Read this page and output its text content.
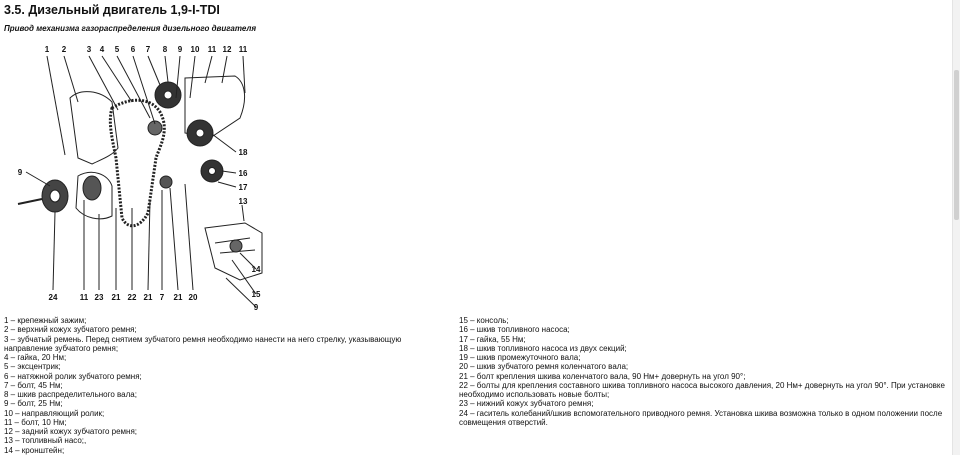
3.5. Дизельный двигатель 1,9-I-TDI

Привод механизма газораспределения дизельного двигателя

1 2	3 4 5 6 7 8 9 10 11 12 11
18
16
17
13
9
14
15
9
24	11 23 21 22 21 7 21 20
1 – крепежный зажим;
2 – верхний кожух зубчатого ремня;
3 – зубчатый ремень. Перед снятием зубчатого ремня необходимо нанести на него стрелку, указывающую направление зубчатого ремня;
4 – гайка, 20 Нм;
5 – эксцентрик;
6 – натяжной ролик зубчатого ремня;
7 – болт, 45 Нм;
8 – шкив распределительного вала;
9 – болт, 25 Нм;
10 – направляющий ролик;
11 – болт, 10 Нм;
12 – задний кожух зубчатого ремня;
13 – топливный насо;,
14 – кронштейн;
15 – консоль;
16 – шкив топливного насоса;
17 – гайка, 55 Нм;
18 – шкив топливного насоса из двух секций;
19 – шкив промежуточного вала;
20 – шкив зубчатого ремня коленчатого вала;
21 – болт крепления шкива коленчатого вала, 90 Нм+ довернуть на угол 90°;
22 – болты для крепления составного шкива топливного насоса высокого давления, 20 Нм+ довернуть на угол 90°. При установке необходимо использовать новые болты;
23 – нижний кожух зубчатого ремня;
24 – гаситель колебаний/шкив вспомогательного приводного ремня. Установка шкива возможна только в одном положении после совмещения отверстий.
